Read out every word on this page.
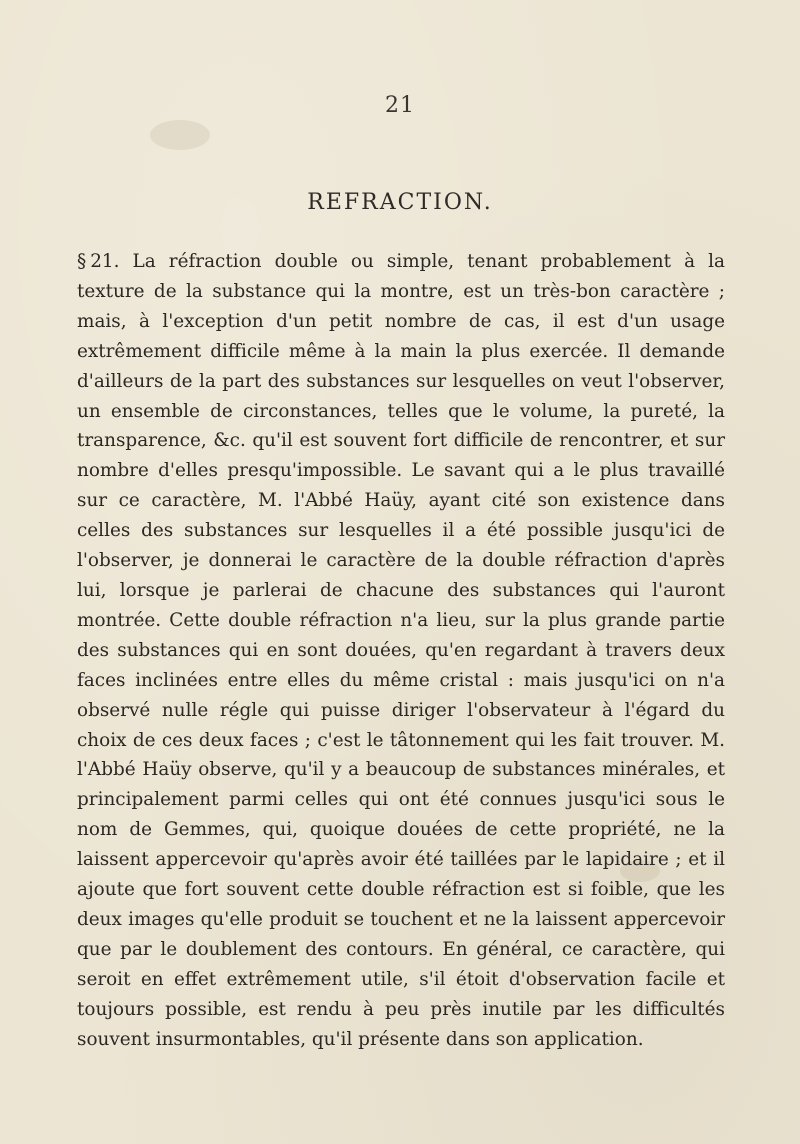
21
REFRACTION.

§ 21. La réfraction double ou simple, tenant probablement à la texture de la substance qui la montre, est un très-bon caractère ; mais, à l'exception d'un petit nombre de cas, il est d'un usage extrêmement difficile même à la main la plus exercée. Il demande d'ailleurs de la part des substances sur lesquelles on veut l'observer, un ensemble de circonstances, telles que le volume, la pureté, la transparence, &c. qu'il est souvent fort difficile de rencontrer, et sur nombre d'elles presqu'impossible. Le savant qui a le plus travaillé sur ce caractère, M. l'Abbé Haüy, ayant cité son existence dans celles des substances sur lesquelles il a été possible jusqu'ici de l'observer, je donnerai le caractère de la double réfraction d'après lui, lorsque je parlerai de chacune des substances qui l'auront montrée. Cette double réfraction n'a lieu, sur la plus grande partie des substances qui en sont douées, qu'en regardant à travers deux faces inclinées entre elles du même cristal : mais jusqu'ici on n'a observé nulle régle qui puisse diriger l'observateur à l'égard du choix de ces deux faces ; c'est le tâtonnement qui les fait trouver. M. l'Abbé Haüy observe, qu'il y a beaucoup de substances minérales, et principalement parmi celles qui ont été connues jusqu'ici sous le nom de Gemmes, qui, quoique douées de cette propriété, ne la laissent appercevoir qu'après avoir été taillées par le lapidaire ; et il ajoute que fort souvent cette double réfraction est si foible, que les deux images qu'elle produit se touchent et ne la laissent appercevoir que par le doublement des contours. En général, ce caractère, qui seroit en effet extrêmement utile, s'il étoit d'observation facile et toujours possible, est rendu à peu près inutile par les difficultés souvent insurmontables, qu'il présente dans son application.
